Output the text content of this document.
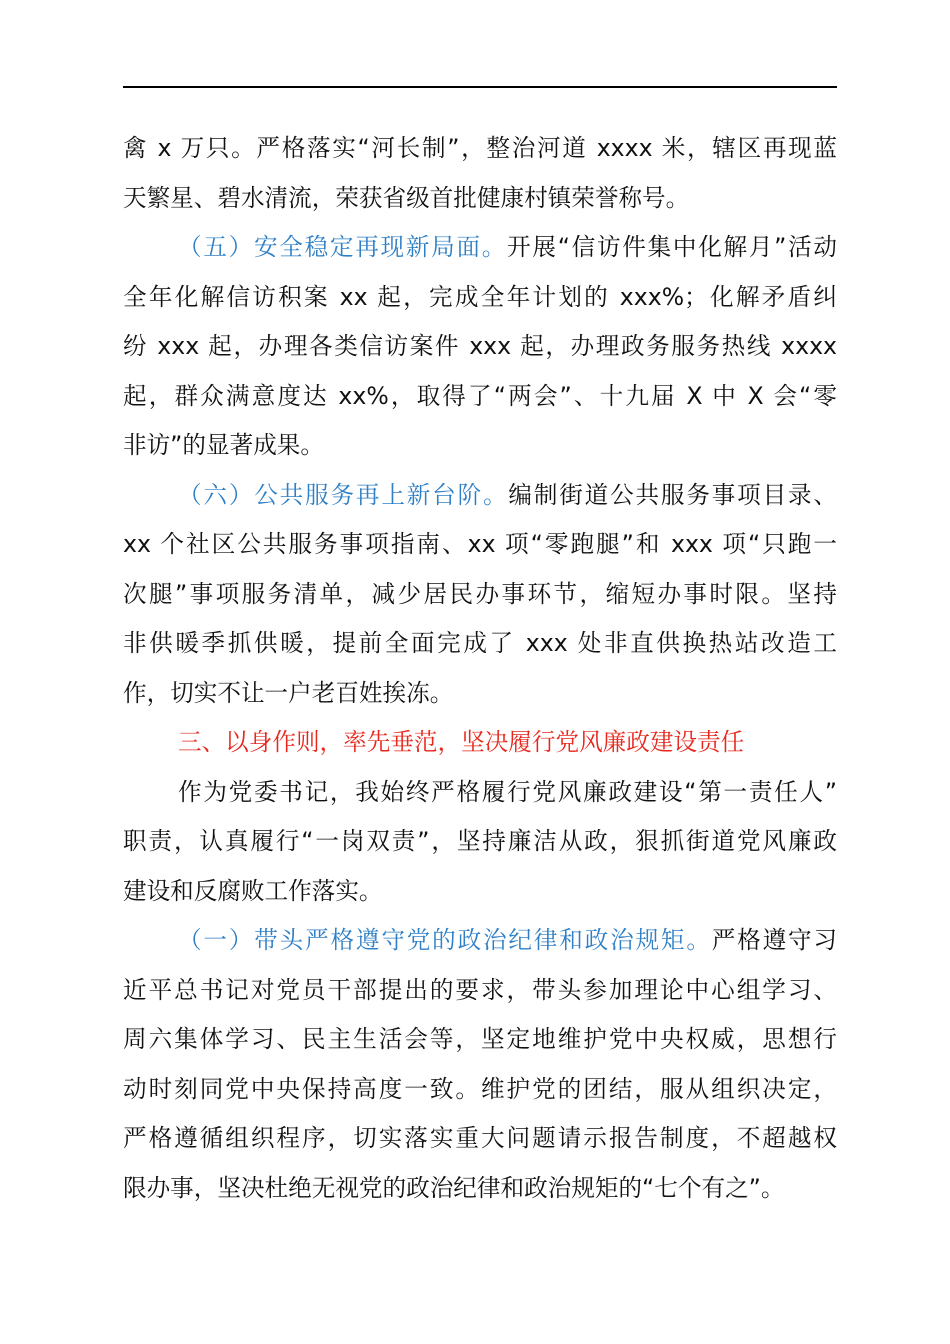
禽 x 万只。严格落实“河长制”，整治河道 xxxx 米，辖区再现蓝
天繁星、碧水清流，荣获省级首批健康村镇荣誉称号。
（五）安全稳定再现新局面。开展“信访件集中化解月”活动
全年化解信访积案 xx 起，完成全年计划的 xxx%；化解矛盾纠
纷 xxx 起，办理各类信访案件 xxx 起，办理政务服务热线 xxxx
起，群众满意度达 xx%，取得了“两会”、十九届 X 中 X 会“零
非访”的显著成果。
（六）公共服务再上新台阶。编制街道公共服务事项目录、
xx 个社区公共服务事项指南、xx 项“零跑腿”和 xxx 项“只跑一
次腿”事项服务清单，减少居民办事环节，缩短办事时限。坚持
非供暖季抓供暖，提前全面完成了 xxx 处非直供换热站改造工
作，切实不让一户老百姓挨冻。
三、以身作则，率先垂范，坚决履行党风廉政建设责任
作为党委书记，我始终严格履行党风廉政建设“第一责任人”
职责，认真履行“一岗双责”，坚持廉洁从政，狠抓街道党风廉政
建设和反腐败工作落实。
（一）带头严格遵守党的政治纪律和政治规矩。严格遵守习
近平总书记对党员干部提出的要求，带头参加理论中心组学习、
周六集体学习、民主生活会等，坚定地维护党中央权威，思想行
动时刻同党中央保持高度一致。维护党的团结，服从组织决定，
严格遵循组织程序，切实落实重大问题请示报告制度，不超越权
限办事，坚决杜绝无视党的政治纪律和政治规矩的“七个有之”。
